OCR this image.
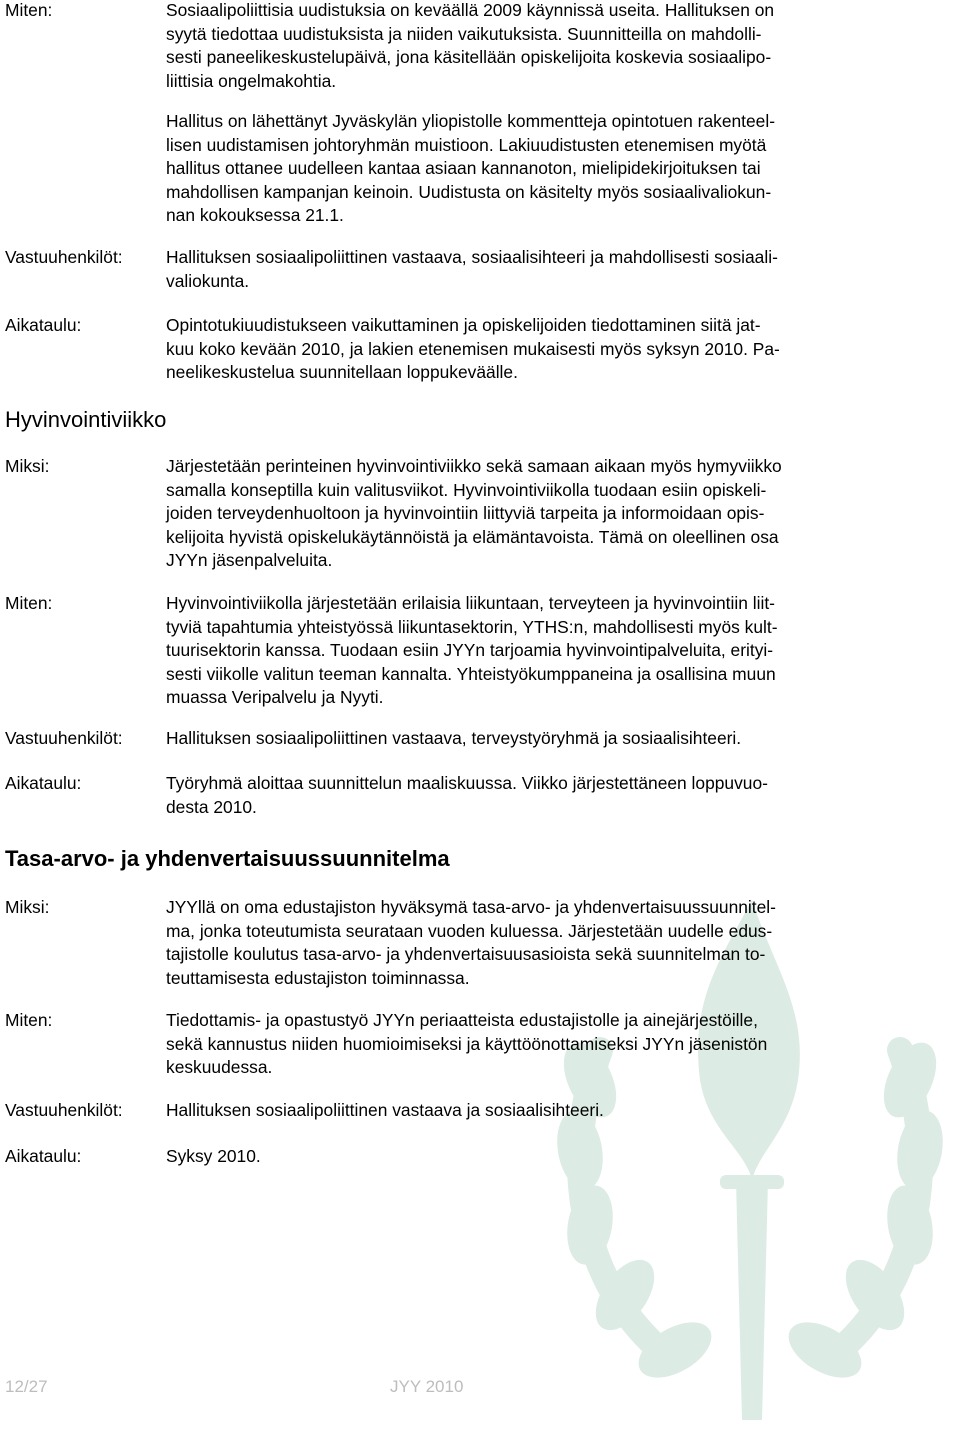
Miten:	Sosiaalipoliittisia uudistuksia on keväällä 2009 käynnissä useita. Hallituksen on
syytä tiedottaa uudistuksista ja niiden vaikutuksista. Suunnitteilla on mahdolli-
sesti paneelikeskustelupäivä, jona käsitellään opiskelijoita koskevia sosiaalipo-
liittisia ongelmakohtia.
Hallitus on lähettänyt Jyväskylän yliopistolle kommentteja opintotuen rakenteel-
lisen uudistamisen johtoryhmän muistioon. Lakiuudistusten etenemisen myötä
hallitus ottanee uudelleen kantaa asiaan kannanoton, mielipidekirjoituksen tai
mahdollisen kampanjan keinoin. Uudistusta on käsitelty myös sosiaalivaliokun-
nan kokouksessa 21.1.
Vastuuhenkilöt: Hallituksen sosiaalipoliittinen vastaava, sosiaalisihteeri ja mahdollisesti sosiaali-
valiokunta.
Aikataulu:	Opintotukiuudistukseen vaikuttaminen ja opiskelijoiden tiedottaminen siitä jat-
kuu koko kevään 2010, ja lakien etenemisen mukaisesti myös syksyn 2010. Pa-
neelikeskustelua suunnitellaan loppukeväälle.
Hyvinvointiviikko
Miksi:	Järjestetään perinteinen hyvinvointiviikko sekä samaan aikaan myös hymyviikko
samalla konseptilla kuin valitusviikot. Hyvinvointiviikolla tuodaan esiin opiskeli-
joiden terveydenhuoltoon ja hyvinvointiin liittyviä tarpeita ja informoidaan opis-
kelijoita hyvistä opiskelukäytännöistä ja elämäntavoista. Tämä on oleellinen osa
JYYn jäsenpalveluita.
Miten:	Hyvinvointiviikolla järjestetään erilaisia liikuntaan, terveyteen ja hyvinvointiin liit-
tyviä tapahtumia yhteistyössä liikuntasektorin, YTHS:n, mahdollisesti myös kult-
tuurisektorin kanssa. Tuodaan esiin JYYn tarjoamia hyvinvointipalveluita, erityi-
sesti viikolle valitun teeman kannalta. Yhteistyökumppaneina ja osallisina muun
muassa Veripalvelu ja Nyyti.
Vastuuhenkilöt: Hallituksen sosiaalipoliittinen vastaava, terveystyöryhmä ja sosiaalisihteeri.
Aikataulu:	Työryhmä aloittaa suunnittelun maaliskuussa. Viikko järjestettäneen loppuvuo-
desta 2010.
Tasa-arvo- ja yhdenvertaisuussuunnitelma
Miksi:	JYYllä on oma edustajiston hyväksymä tasa-arvo- ja yhdenvertaisuussuunnitel-
ma, jonka toteutumista seurataan vuoden kuluessa. Järjestetään uudelle edus-
tajistolle koulutus tasa-arvo- ja yhdenvertaisuusasioista sekä suunnitelman to-
teuttamisesta edustajiston toiminnassa.
Miten:	Tiedottamis- ja opastustyö JYYn periaatteista edustajistolle ja ainejärjestöille,
sekä kannustus niiden huomioimiseksi ja käyttöönottamiseksi JYYn jäsenistön
keskuudessa.
Vastuuhenkilöt: Hallituksen sosiaalipoliittinen vastaava ja sosiaalisihteeri.
Aikataulu:	Syksy 2010.
12/27	JYY 2010
